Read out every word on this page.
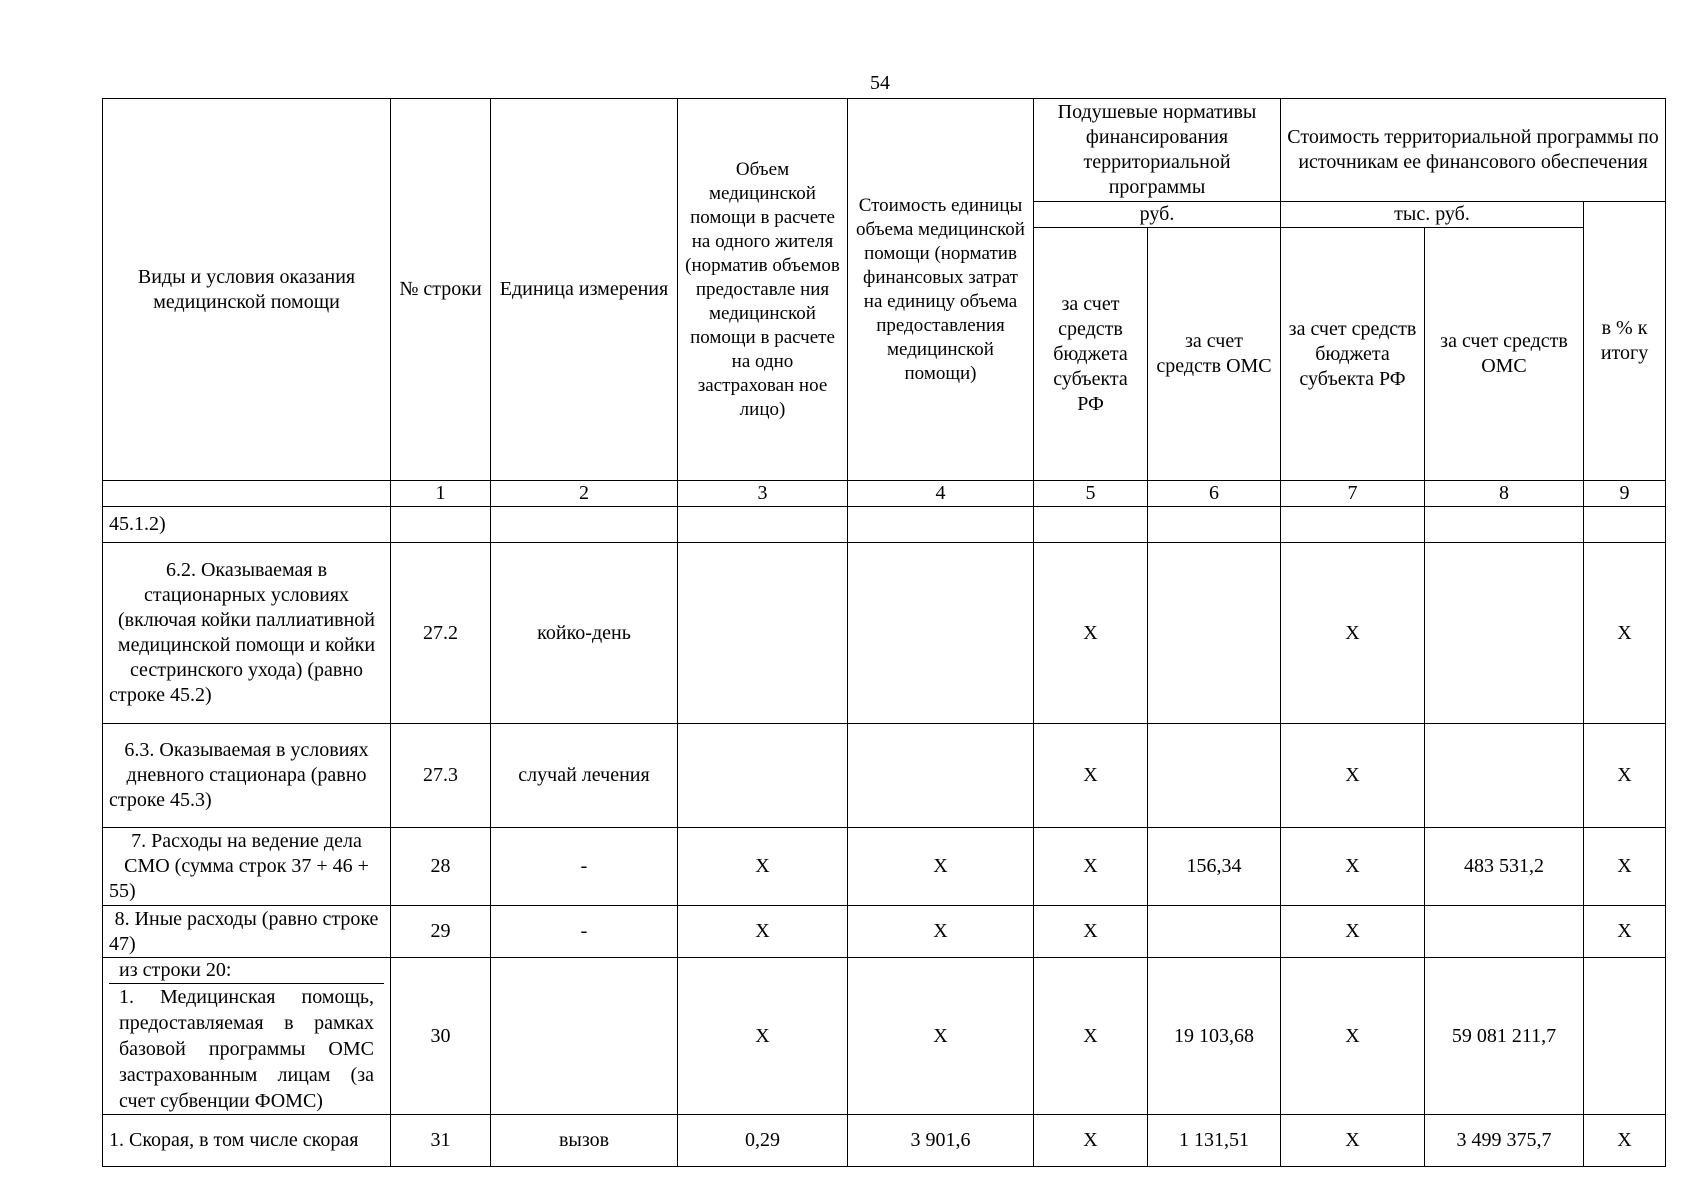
54
Виды и условия оказания медицинской помощи	№ строки	Единица измерения	Объем медицинской помощи в расчете на одного жителя (норматив объемов предоставле ния медицинской помощи в расчете на одно застрахован ное лицо)	Стоимость единицы объема медицинской помощи (норматив финансовых затрат на единицу объема предоставления медицинской помощи)	Подушевые нормативы финансирования территориальной программы		Стоимость территориальной программы по источникам ее финансового обеспечения		
					руб.		тыс. руб.		в % к итогу
					за счет средств бюджета субъекта РФ	за счет средств ОМС	за счет средств бюджета субъекта РФ	за счет средств ОМС	
	1	2	3	4	5	6	7	8	9
45.1.2)									
6.2. Оказываемая в стационарных условиях (включая койки паллиативной медицинской помощи и койки сестринского ухода) (равно строке 45.2)	27.2	койко-день			Х		Х		Х
6.3. Оказываемая в условиях дневного стационара (равно строке 45.3)	27.3	случай лечения			Х		Х		Х
7. Расходы на ведение дела СМО (сумма строк 37 + 46 + 55)	28	-	Х	Х	Х	156,34	Х	483 531,2	Х
8. Иные расходы (равно строке 47)	29	-	Х	Х	Х		Х		Х

из строки 20:
1. Медицинская помощь, предоставляемая в рамках базовой программы ОМС застрахованным лицам (за счет субвенции ФОМС)	30		Х	Х	Х	19 103,68	Х	59 081 211,7	
1. Скорая, в том числе скорая	31	вызов	0,29	3 901,6	Х	1 131,51	Х	3 499 375,7	Х
